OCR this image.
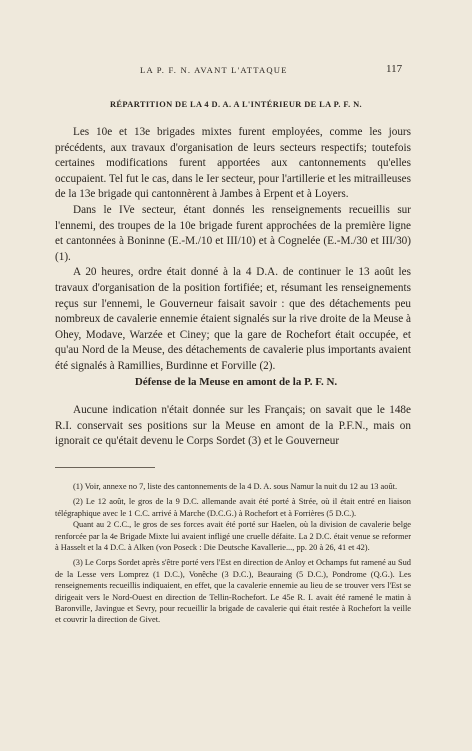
LA P. F. N. AVANT L'ATTAQUE	117
RÉPARTITION DE LA 4 D. A. A L'INTÉRIEUR DE LA P. F. N.

Les 10e et 13e brigades mixtes furent employées, comme les jours précédents, aux travaux d'organisation de leurs secteurs respectifs; toutefois certaines modifications furent apportées aux cantonnements qu'elles occupaient. Tel fut le cas, dans le Ier secteur, pour l'artillerie et les mitrailleuses de la 13e brigade qui cantonnèrent à Jambes à Erpent et à Loyers.

Dans le IVe secteur, étant donnés les renseignements recueillis sur l'ennemi, des troupes de la 10e brigade furent approchées de la première ligne et cantonnées à Boninne (E.-M./10 et III/10) et à Cognelée (E.-M./30 et III/30) (1).

A 20 heures, ordre était donné à la 4 D.A. de continuer le 13 août les travaux d'organisation de la position fortifiée; et, résumant les renseignements reçus sur l'ennemi, le Gouverneur faisait savoir : que des détachements peu nombreux de cavalerie ennemie étaient signalés sur la rive droite de la Meuse à Ohey, Modave, Warzée et Ciney; que la gare de Rochefort était occupée, et qu'au Nord de la Meuse, des détachements de cavalerie plus importants avaient été signalés à Ramillies, Burdinne et Forville (2).

Défense de la Meuse en amont de la P. F. N.

Aucune indication n'était donnée sur les Français; on savait que le 148e R.I. conservait ses positions sur la Meuse en amont de la P.F.N., mais on ignorait ce qu'était devenu le Corps Sordet (3) et le Gouverneur

(1) Voir, annexe no 7, liste des cantonnements de la 4 D. A. sous Namur la nuit du 12 au 13 août.

(2) Le 12 août, le gros de la 9 D.C. allemande avait été porté à Strée, où il était entré en liaison télégraphique avec le 1 C.C. arrivé à Marche (D.C.G.) à Rochefort et à Forrières (5 D.C.).

Quant au 2 C.C., le gros de ses forces avait été porté sur Haelen, où la division de cavalerie belge renforcée par la 4e Brigade Mixte lui avaient infligé une cruelle défaite. La 2 D.C. était venue se reformer à Hasselt et la 4 D.C. à Alken (von Poseck : Die Deutsche Kavallerie..., pp. 20 à 26, 41 et 42).

(3) Le Corps Sordet après s'être porté vers l'Est en direction de Anloy et Ochamps fut ramené au Sud de la Lesse vers Lomprez (1 D.C.), Vonêche (3 D.C.), Beauraing (5 D.C.), Pondrome (Q.G.). Les renseignements recueillis indiquaient, en effet, que la cavalerie ennemie au lieu de se trouver vers l'Est se dirigeait vers le Nord-Ouest en direction de Tellin-Rochefort. Le 45e R. I. avait été ramené le matin à Baronville, Javingue et Sevry, pour recueillir la brigade de cavalerie qui était restée à Rochefort la veille et couvrir la direction de Givet.
